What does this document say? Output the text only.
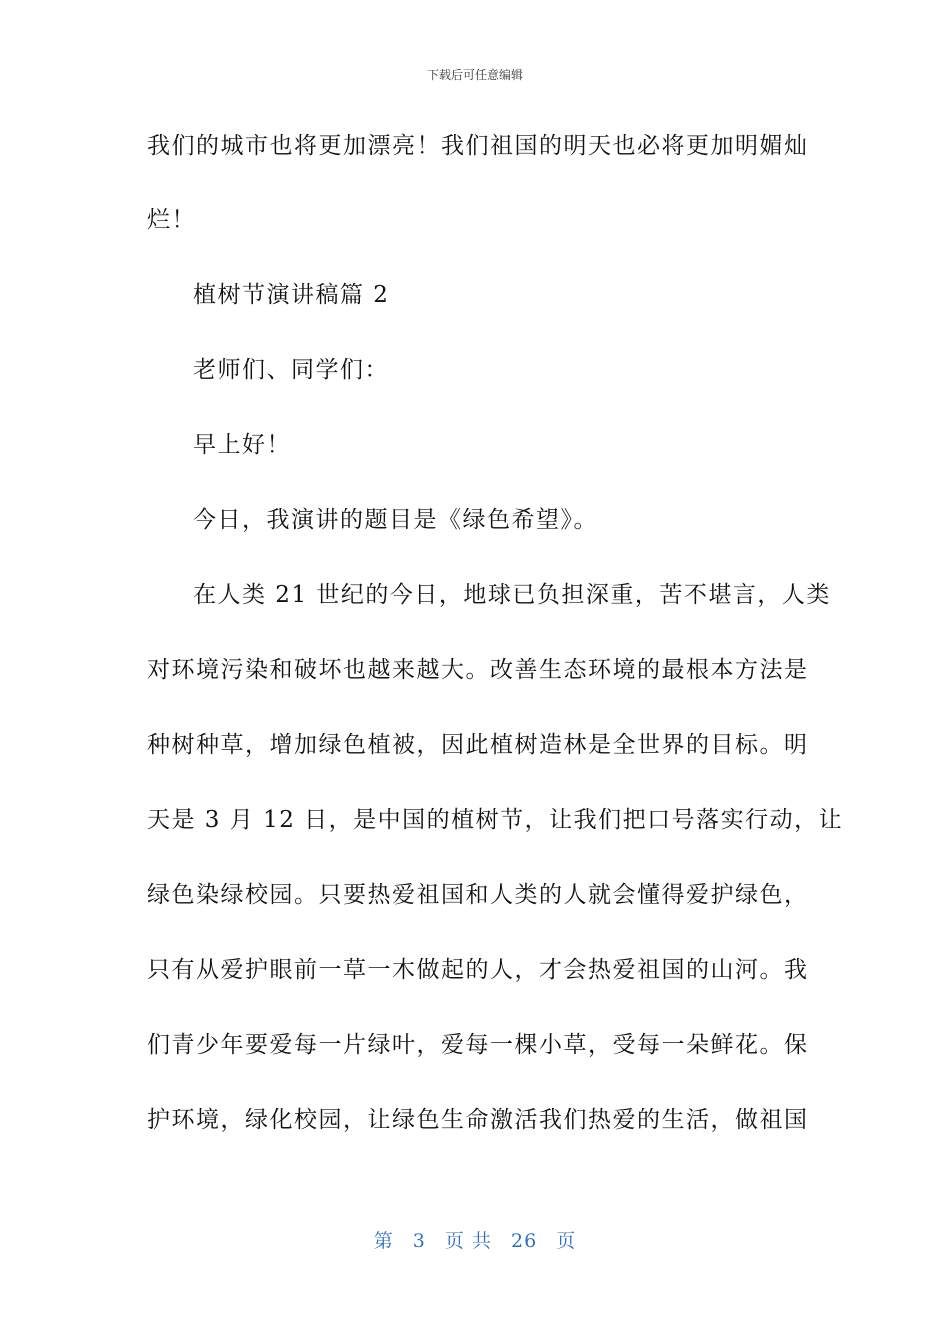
下载后可任意编辑
我们的城市也将更加漂亮！我们祖国的明天也必将更加明媚灿
烂！
植树节演讲稿篇 2
老师们、同学们：
早上好！
今日，我演讲的题目是《绿色希望》。
在人类 21 世纪的今日，地球已负担深重，苦不堪言，人类
对环境污染和破坏也越来越大。改善生态环境的最根本方法是
种树种草，增加绿色植被，因此植树造林是全世界的目标。明
天是 3 月 12 日，是中国的植树节，让我们把口号落实行动，让
绿色染绿校园。只要热爱祖国和人类的人就会懂得爱护绿色，
只有从爱护眼前一草一木做起的人，才会热爱祖国的山河。我
们青少年要爱每一片绿叶，爱每一棵小草，受每一朵鲜花。保
护环境，绿化校园，让绿色生命激活我们热爱的生活，做祖国
第 3 页 共 26 页
